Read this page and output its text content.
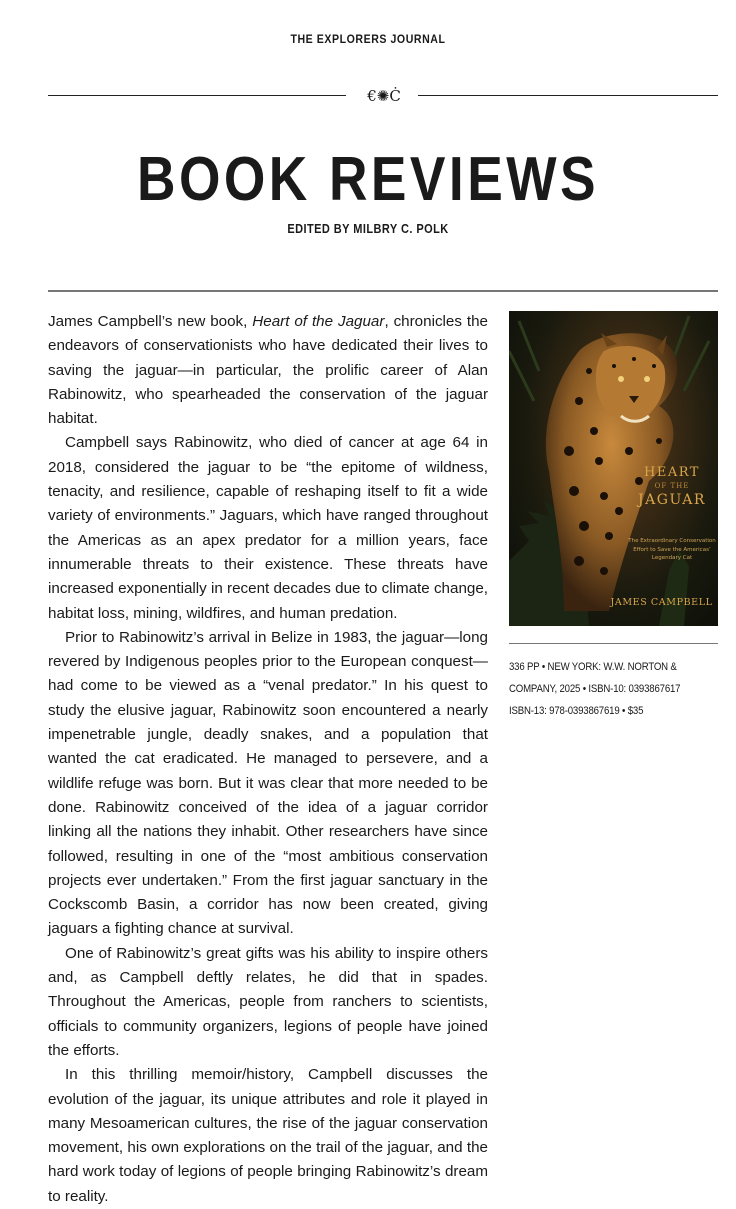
THE EXPLORERS JOURNAL
€✺Ċ
BOOK REVIEWS
EDITED BY MILBRY C. POLK

James Campbell’s new book, Heart of the Jaguar, chronicles the endeavors of conservationists who have dedicated their lives to saving the jaguar—in particular, the prolific career of Alan Rabinowitz, who spearheaded the conservation of the jaguar habitat.

Campbell says Rabinowitz, who died of cancer at age 64 in 2018, considered the jaguar to be “the epitome of wildness, tenacity, and resilience, capable of reshaping itself to fit a wide variety of environments.” Jaguars, which have ranged throughout the Americas as an apex predator for a million years, face innumerable threats to their existence. These threats have increased exponentially in recent decades due to climate change, habitat loss, mining, wildfires, and human predation.

Prior to Rabinowitz’s arrival in Belize in 1983, the jaguar—long revered by Indigenous peoples prior to the European conquest—had come to be viewed as a “venal predator.” In his quest to study the elusive jaguar, Rabinowitz soon encountered a nearly impenetrable jungle, deadly snakes, and a population that wanted the cat eradicated. He managed to persevere, and a wildlife refuge was born. But it was clear that more needed to be done. Rabinowitz conceived of the idea of a jaguar corridor linking all the nations they inhabit. Other researchers have since followed, resulting in one of the “most ambitious conservation projects ever undertaken.” From the first jaguar sanctuary in the Cockscomb Basin, a corridor has now been created, giving jaguars a fighting chance at survival.

One of Rabinowitz’s great gifts was his ability to inspire others and, as Campbell deftly relates, he did that in spades. Throughout the Americas, people from ranchers to scientists, officials to community organizers, legions of people have joined the efforts.

In this thrilling memoir/history, Campbell discusses the evolution of the jaguar, its unique attributes and role it played in many Mesoamerican cultures, the rise of the jaguar conservation movement, his own explorations on the trail of the jaguar, and the hard work today of legions of people bringing Rabinowitz’s dream to reality.

HEART
OF THE
JAGUAR
The Extraordinary Conservation Effort to Save the Americas’ Legendary Cat
JAMES CAMPBELL
336 PP • NEW YORK: W.W. NORTON &
COMPANY, 2025 • ISBN-10: 0393867617
ISBN-13: 978-0393867619 • $35
